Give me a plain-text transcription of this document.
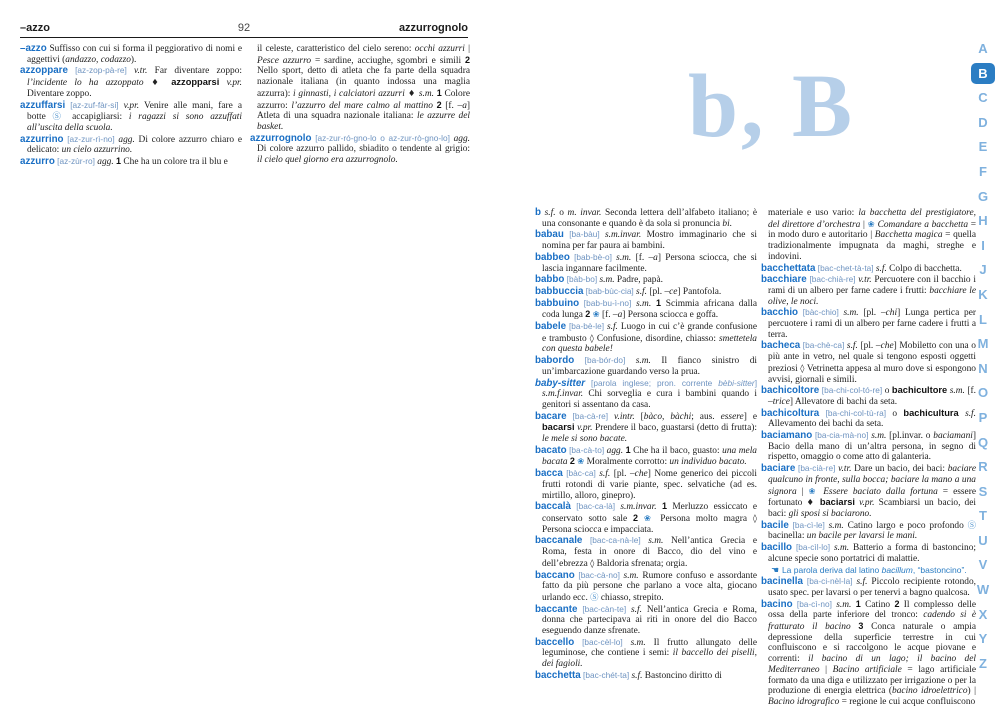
–azzo	92	azzurrognolo
b, B

–azzo Suffisso con cui si forma il peggiorativo di nomi e aggettivi (andazzo, codazzo).

azzoppare [az-zop-pà-re] v.tr. Far diventare zoppo: l’incidente lo ha azzoppato ♦ azzopparsi v.pr. Diventare zoppo.

azzuffarsi [az-zuf-fàr-si] v.pr. Venire alle mani, fare a botte Ⓢ accapigliarsi: i ragazzi si sono azzuffati all’uscita della scuola.

azzurrino [az-zur-rì-no] agg. Di colore azzurro chiaro e delicato: un cielo azzurrino.

azzurro [az-zùr-ro] agg. 1 Che ha un colore tra il blu e

il celeste, caratteristico del cielo sereno: occhi azzurri | Pesce azzurro = sardine, acciughe, sgombri e simili 2 Nello sport, detto di atleta che fa parte della squadra nazionale italiana (in quanto indossa una maglia azzurra): i ginnasti, i calciatori azzurri ♦ s.m. 1 Colore azzurro: l’azzurro del mare calmo al mattino 2 [f. –a] Atleta di una squadra nazionale italiana: le azzurre del basket.

azzurrognolo [az-zur-ró-gno-lo o az-zur-rò-gno-lo] agg. Di colore azzurro pallido, sbiadito o tendente al grigio: il cielo quel giorno era azzurrognolo.

b s.f. o m. invar. Seconda lettera dell’alfabeto italiano; è una consonante e quando è da sola si pronuncia bi.

babau [ba-bàu] s.m.invar. Mostro immaginario che si nomina per far paura ai bambini.

babbeo [bab-bè-o] s.m. [f. –a] Persona sciocca, che si lascia ingannare facilmente.

babbo [bàb-bo] s.m. Padre, papà.

babbuccia [bab-bùc-cia] s.f. [pl. –ce] Pantofola.

babbuino [bab-bu-ì-no] s.m. 1 Scimmia africana dalla coda lunga 2 ❀ [f. –a] Persona sciocca e goffa.

babele [ba-bè-le] s.f. Luogo in cui c’è grande confusione e trambusto ◊ Confusione, disordine, chiasso: smettetela con questa babele!

babordo [ba-bór-do] s.m. Il fianco sinistro di un’imbarcazione guardando verso la prua.

baby-sitter [parola inglese; pron. corrente bèbi-sitter] s.m.f.invar. Chi sorveglia e cura i bambini quando i genitori si assentano da casa.

bacare [ba-cà-re] v.intr. [bàco, bàchi; aus. essere] e bacarsi v.pr. Prendere il baco, guastarsi (detto di frutta): le mele si sono bacate.

bacato [ba-cà-to] agg. 1 Che ha il baco, guasto: una mela bacata 2 ❀ Moralmente corrotto: un individuo bacato.

bacca [bàc-ca] s.f. [pl. –che] Nome generico dei piccoli frutti rotondi di varie piante, spec. selvatiche (ad es. mirtillo, alloro, ginepro).

baccalà [bac-ca-là] s.m.invar. 1 Merluzzo essiccato e conservato sotto sale 2 ❀ Persona molto magra ◊ Persona sciocca e impacciata.

baccanale [bac-ca-nà-le] s.m. Nell’antica Grecia e Roma, festa in onore di Bacco, dio del vino e dell’ebrezza ◊ Baldoria sfrenata; orgia.

baccano [bac-cà-no] s.m. Rumore confuso e assordante fatto da più persone che parlano a voce alta, giocano urlando ecc. Ⓢ chiasso, strepito.

baccante [bac-càn-te] s.f. Nell’antica Grecia e Roma, donna che partecipava ai riti in onore del dio Bacco eseguendo danze sfrenate.

baccello [bac-cèl-lo] s.m. Il frutto allungato delle leguminose, che contiene i semi: il baccello dei piselli, dei fagioli.

bacchetta [bac-chét-ta] s.f. Bastoncino diritto di

materiale e uso vario: la bacchetta del prestigiatore, del direttore d’orchestra | ❀ Comandare a bacchetta = in modo duro e autoritario | Bacchetta magica = quella tradizionalmente impugnata da maghi, streghe e indovini.

bacchettata [bac-chet-tà-ta] s.f. Colpo di bacchetta.

bacchiare [bac-chià-re] v.tr. Percuotere con il bacchio i rami di un albero per farne cadere i frutti: bacchiare le olive, le noci.

bacchio [bàc-chio] s.m. [pl. –chi] Lunga pertica per percuotere i rami di un albero per farne cadere i frutti a terra.

bacheca [ba-chè-ca] s.f. [pl. –che] Mobiletto con una o più ante in vetro, nel quale si tengono esposti oggetti preziosi ◊ Vetrinetta appesa al muro dove si espongono avvisi, giornali e simili.

bachicoltore [ba-chi-col-tó-re] o bachicultore s.m. [f. –trice] Allevatore di bachi da seta.

bachicoltura [ba-chi-col-tù-ra] o bachicultura s.f. Allevamento dei bachi da seta.

baciamano [ba-cia-mà-no] s.m. [pl.invar. o baciamani] Bacio della mano di un’altra persona, in segno di rispetto, omaggio o come atto di galanteria.

baciare [ba-cià-re] v.tr. Dare un bacio, dei baci: baciare qualcuno in fronte, sulla bocca; baciare la mano a una signora | ❀ Essere baciato dalla fortuna = essere fortunato ♦ baciarsi v.pr. Scambiarsi un bacio, dei baci: gli sposi si baciarono.

bacile [ba-cì-le] s.m. Catino largo e poco profondo Ⓢ bacinella: un bacile per lavarsi le mani.

bacillo [ba-cìl-lo] s.m. Batterio a forma di bastoncino; alcune specie sono portatrici di malattie.

☚ La parola deriva dal latino bacillum, “bastoncino”.

bacinella [ba-ci-nèl-la] s.f. Piccolo recipiente rotondo, usato spec. per lavarsi o per tenervi a bagno qualcosa.

bacino [ba-cì-no] s.m. 1 Catino 2 Il complesso delle ossa della parte inferiore del tronco: cadendo si è fratturato il bacino 3 Conca naturale o ampia depressione della superficie terrestre in cui confluiscono e si raccolgono le acque piovane e correnti: il bacino di un lago; il bacino del Mediterraneo | Bacino artificiale = lago artificiale formato da una diga e utilizzato per irrigazione o per la produzione di energia elettrica (bacino idroelettrico) | Bacino idrografico = regione le cui acque confluiscono

A
B
C
D
E
F
G
H
I
J
K
L
M
N
O
P
Q
R
S
T
U
V
W
X
Y
Z
